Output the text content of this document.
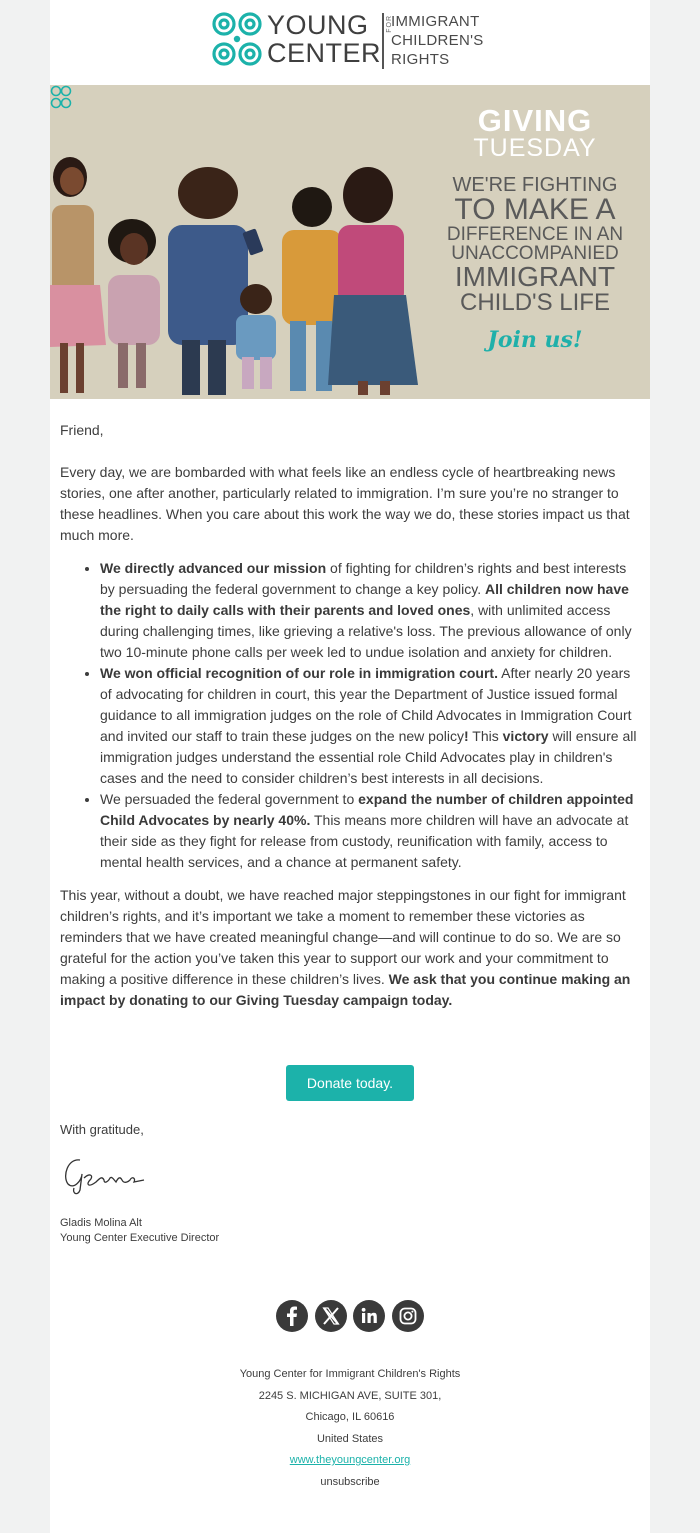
YOUNG
CENTER
FOR
IMMIGRANT
CHILDREN'S
RIGHTS
GIVING
TUESDAY
WE'RE FIGHTING
TO MAKE A
DIFFERENCE IN AN
UNACCOMPANIED
IMMIGRANT
CHILD'S LIFE
Join us!

Friend,

Every day, we are bombarded with what feels like an endless cycle of heartbreaking news stories, one after another, particularly related to immigration. I’m sure you’re no stranger to these headlines. When you care about this work the way we do, these stories impact us that much more.

• We directly advanced our mission of fighting for children’s rights and best interests by persuading the federal government to change a key policy. All children now have the right to daily calls with their parents and loved ones, with unlimited access during challenging times, like grieving a relative's loss. The previous allowance of only two 10-minute phone calls per week led to undue isolation and anxiety for children.
• We won official recognition of our role in immigration court. After nearly 20 years of advocating for children in court, this year the Department of Justice issued formal guidance to all immigration judges on the role of Child Advocates in Immigration Court and invited our staff to train these judges on the new policy! This victory will ensure all immigration judges understand the essential role Child Advocates play in children's cases and the need to consider children’s best interests in all decisions.
• We persuaded the federal government to expand the number of children appointed Child Advocates by nearly 40%. This means more children will have an advocate at their side as they fight for release from custody, reunification with family, access to mental health services, and a chance at permanent safety.

This year, without a doubt, we have reached major steppingstones in our fight for immigrant children’s rights, and it’s important we take a moment to remember these victories as reminders that we have created meaningful change—and will continue to do so. We are so grateful for the action you’ve taken this year to support our work and your commitment to making a positive difference in these children’s lives. We ask that you continue making an impact by donating to our Giving Tuesday campaign today.

Donate today.
With gratitude,
Gladis Molina Alt
Young Center Executive Director

Young Center for Immigrant Children's Rights
2245 S. MICHIGAN AVE, SUITE 301,
Chicago, IL 60616
United States
www.theyoungcenter.org
unsubscribe
